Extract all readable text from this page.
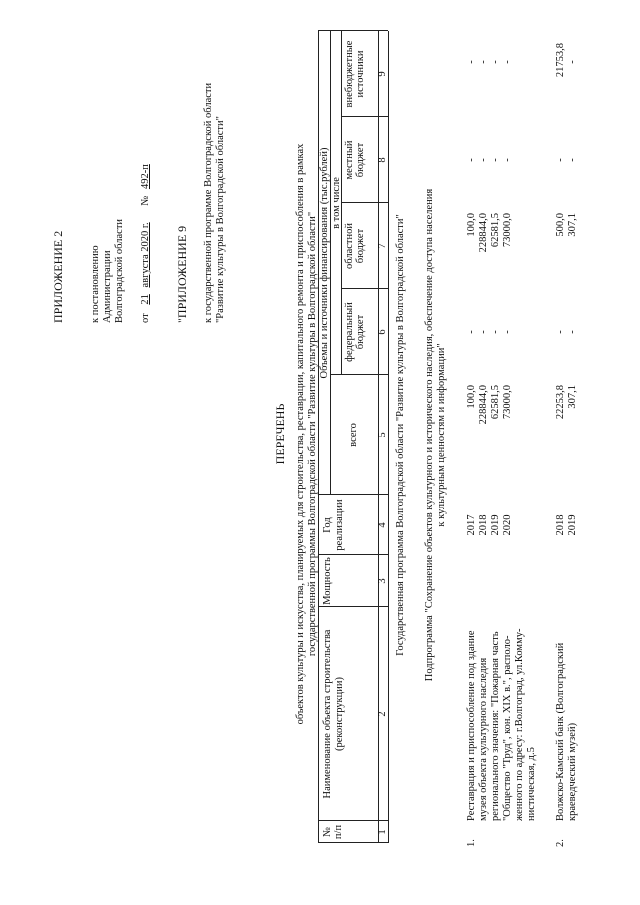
ПРИЛОЖЕНИЕ 2 к постановлению Администрации Волгоградской области от 21 августа 2020 г. № 492-п
"ПРИЛОЖЕНИЕ 9 к государственной программе Волгоградской области "Развитие культуры в Волгоградской области"
ПЕРЕЧЕНЬ объектов культуры и искусства, планируемых для строительства, реставрации, капитального ремонта и приспособления в рамках государственной программы Волгоградской области "Развитие культуры в Волгоградской области"
№ п/п
Наименование объекта строительства (реконструкции)
Мощность
Год реализации
Объемы и источники финансирования (тыс.рублей)
всего
в том числе
федеральный бюджет
областной бюджет
местный бюджет
внебюджетные источники
1
2
3
4
5
6
7
8
9
Государственная программа Волгоградской области "Развитие культуры в Волгоградской области" Подпрограмма "Сохранение объектов культурного и исторического наследия, обеспечение доступа населения к культурным ценностям и информации"
1.
Реставрация и приспособление под здание музея объекта культурного наследия регионального значения: "Пожарная часть "Общество "Труд", кон. XIX в.", располо- женного по адресу: г.Волгоград, ул.Комму- нистическая, д.5
2017 2018 2019 2020
100,0 228844,0 62581,5 73000,0
- - - -
100,0 228844,0 62581,5 73000,0
- - - -
- - - -
2.
Волжско-Камский банк (Волгоградский краеведческий музей)
2018 2019
22253,8 307,1
- -
500,0 307,1
- -
21753,8 -
